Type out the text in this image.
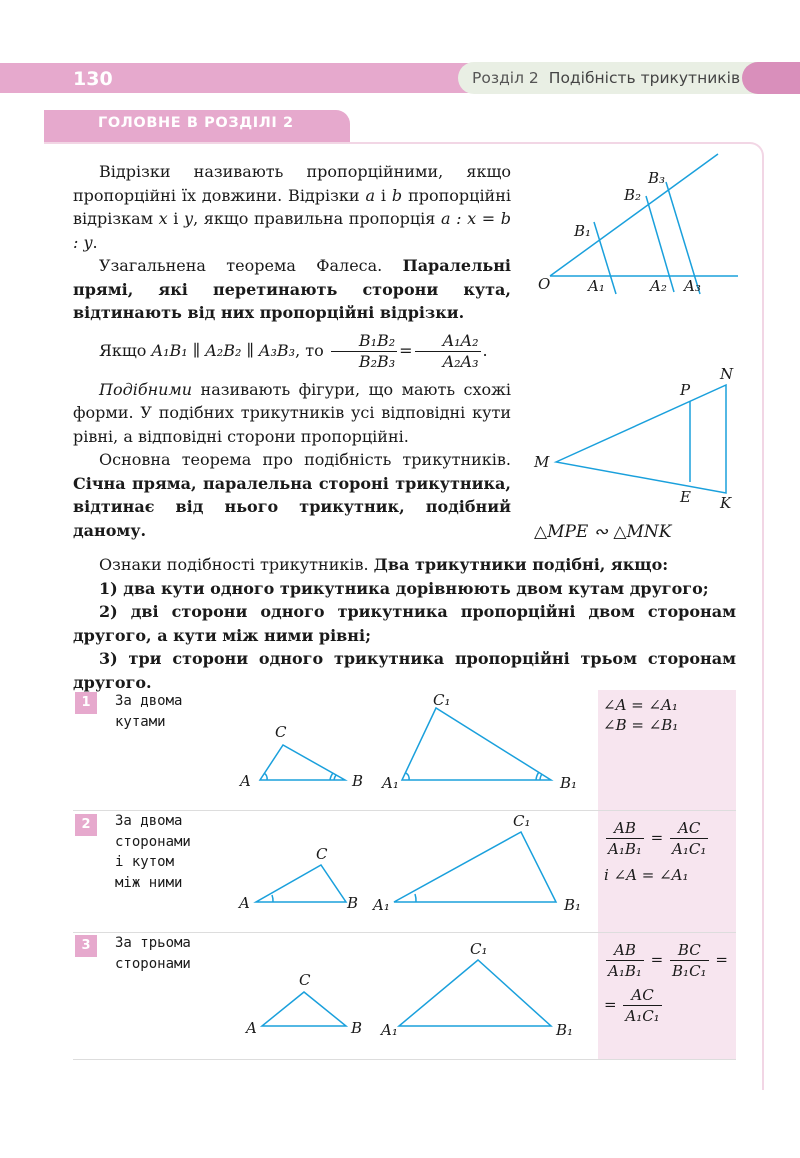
130	Розділ 2 Подібність трикутників
ГОЛОВНЕ В РОЗДІЛІ 2

Відрізки називають пропорційними, якщо пропорційні їх довжини. Відрізки a і b пропорційні відрізкам x і y, якщо правильна пропорція a : x = b : y.

Узагальнена теорема Фалеса. Паралельні прямі, які перетинають сторони кута, відтинають від них пропорційні відрізки.

Якщо A₁B₁ ∥ A₂B₂ ∥ A₃B₃, то $\frac{\text{B₁B₂}}{\text{B₂B₃}} = \frac{\text{A₁A₂}}{\text{A₂A₃}}$ .

Подібними називають фігури, що мають схожі форми. У подібних трикутників усі відповідні кути рівні, а відповідні сторони пропорційні.

Основна теорема про подібність трикутників. Січна пряма, паралельна стороні трикутника, відтинає від нього трикутник, подібний даному.

Ознаки подібності трикутників. Два трикутники подібні, якщо:

1) два кути одного трикутника дорівнюють двом кутам другого;

2) дві сторони одного трикутника пропорційні двом сторонам другого, а кути між ними рівні;

3) три сторони одного трикутника пропорційні трьом сторонам другого.

O	A₁	A₂ A₃
B₁
B₂
B₃
M
P
N
E K
△MPE ∾ △MNK
1	За двома
кутами
A	B
C
A₁	B₁
C₁	∠A = ∠A₁
∠B = ∠B₁
2	За двома
сторонами
і кутом
між ними
A	B
C
A₁	B₁
C₁	$\frac{AB}{\text{A₁B₁}} = \frac{AC}{\text{A₁C₁}}$
і ∠A = ∠A₁
3	За трьома
сторонами
A	B
C
A₁	B₁
C₁	$\frac{AB}{\text{A₁B₁}} = \frac{BC}{\text{B₁C₁}}$ =
= $\frac{AC}{\text{A₁C₁}}$
